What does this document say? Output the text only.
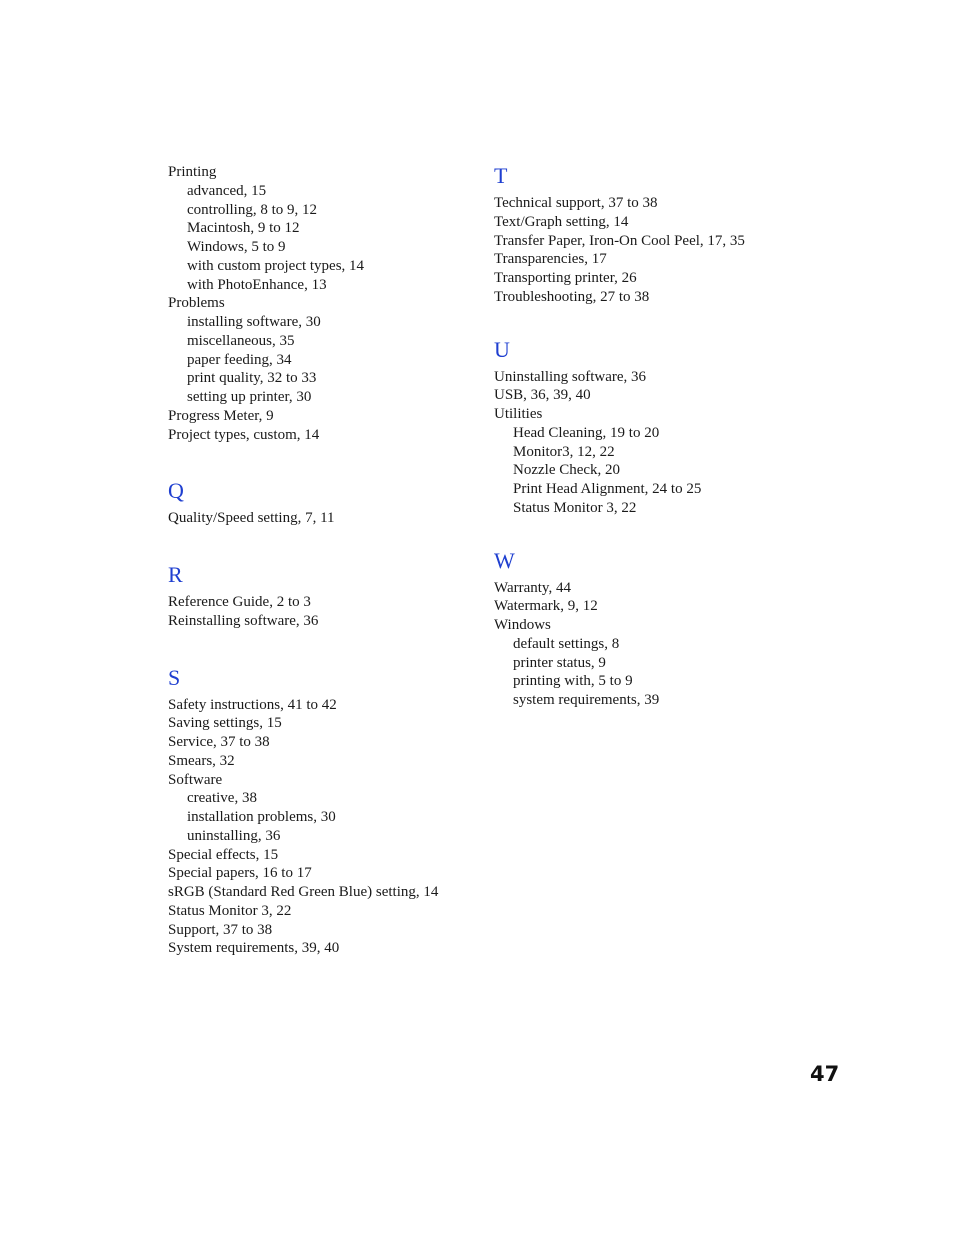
Printing
advanced, 15
controlling, 8 to 9, 12
Macintosh, 9 to 12
Windows, 5 to 9
with custom project types, 14
with PhotoEnhance, 13
Problems
installing software, 30
miscellaneous, 35
paper feeding, 34
print quality, 32 to 33
setting up printer, 30
Progress Meter, 9
Project types, custom, 14
Q
Quality/Speed setting, 7, 11
R
Reference Guide, 2 to 3
Reinstalling software, 36
S
Safety instructions, 41 to 42
Saving settings, 15
Service, 37 to 38
Smears, 32
Software
creative, 38
installation problems, 30
uninstalling, 36
Special effects, 15
Special papers, 16 to 17
sRGB (Standard Red Green Blue) setting, 14
Status Monitor 3, 22
Support, 37 to 38
System requirements, 39, 40
T
Technical support, 37 to 38
Text/Graph setting, 14
Transfer Paper, Iron-On Cool Peel, 17, 35
Transparencies, 17
Transporting printer, 26
Troubleshooting, 27 to 38
U
Uninstalling software, 36
USB, 36, 39, 40
Utilities
Head Cleaning, 19 to 20
Monitor3, 12, 22
Nozzle Check, 20
Print Head Alignment, 24 to 25
Status Monitor 3, 22
W
Warranty, 44
Watermark, 9, 12
Windows
default settings, 8
printer status, 9
printing with, 5 to 9
system requirements, 39
47
